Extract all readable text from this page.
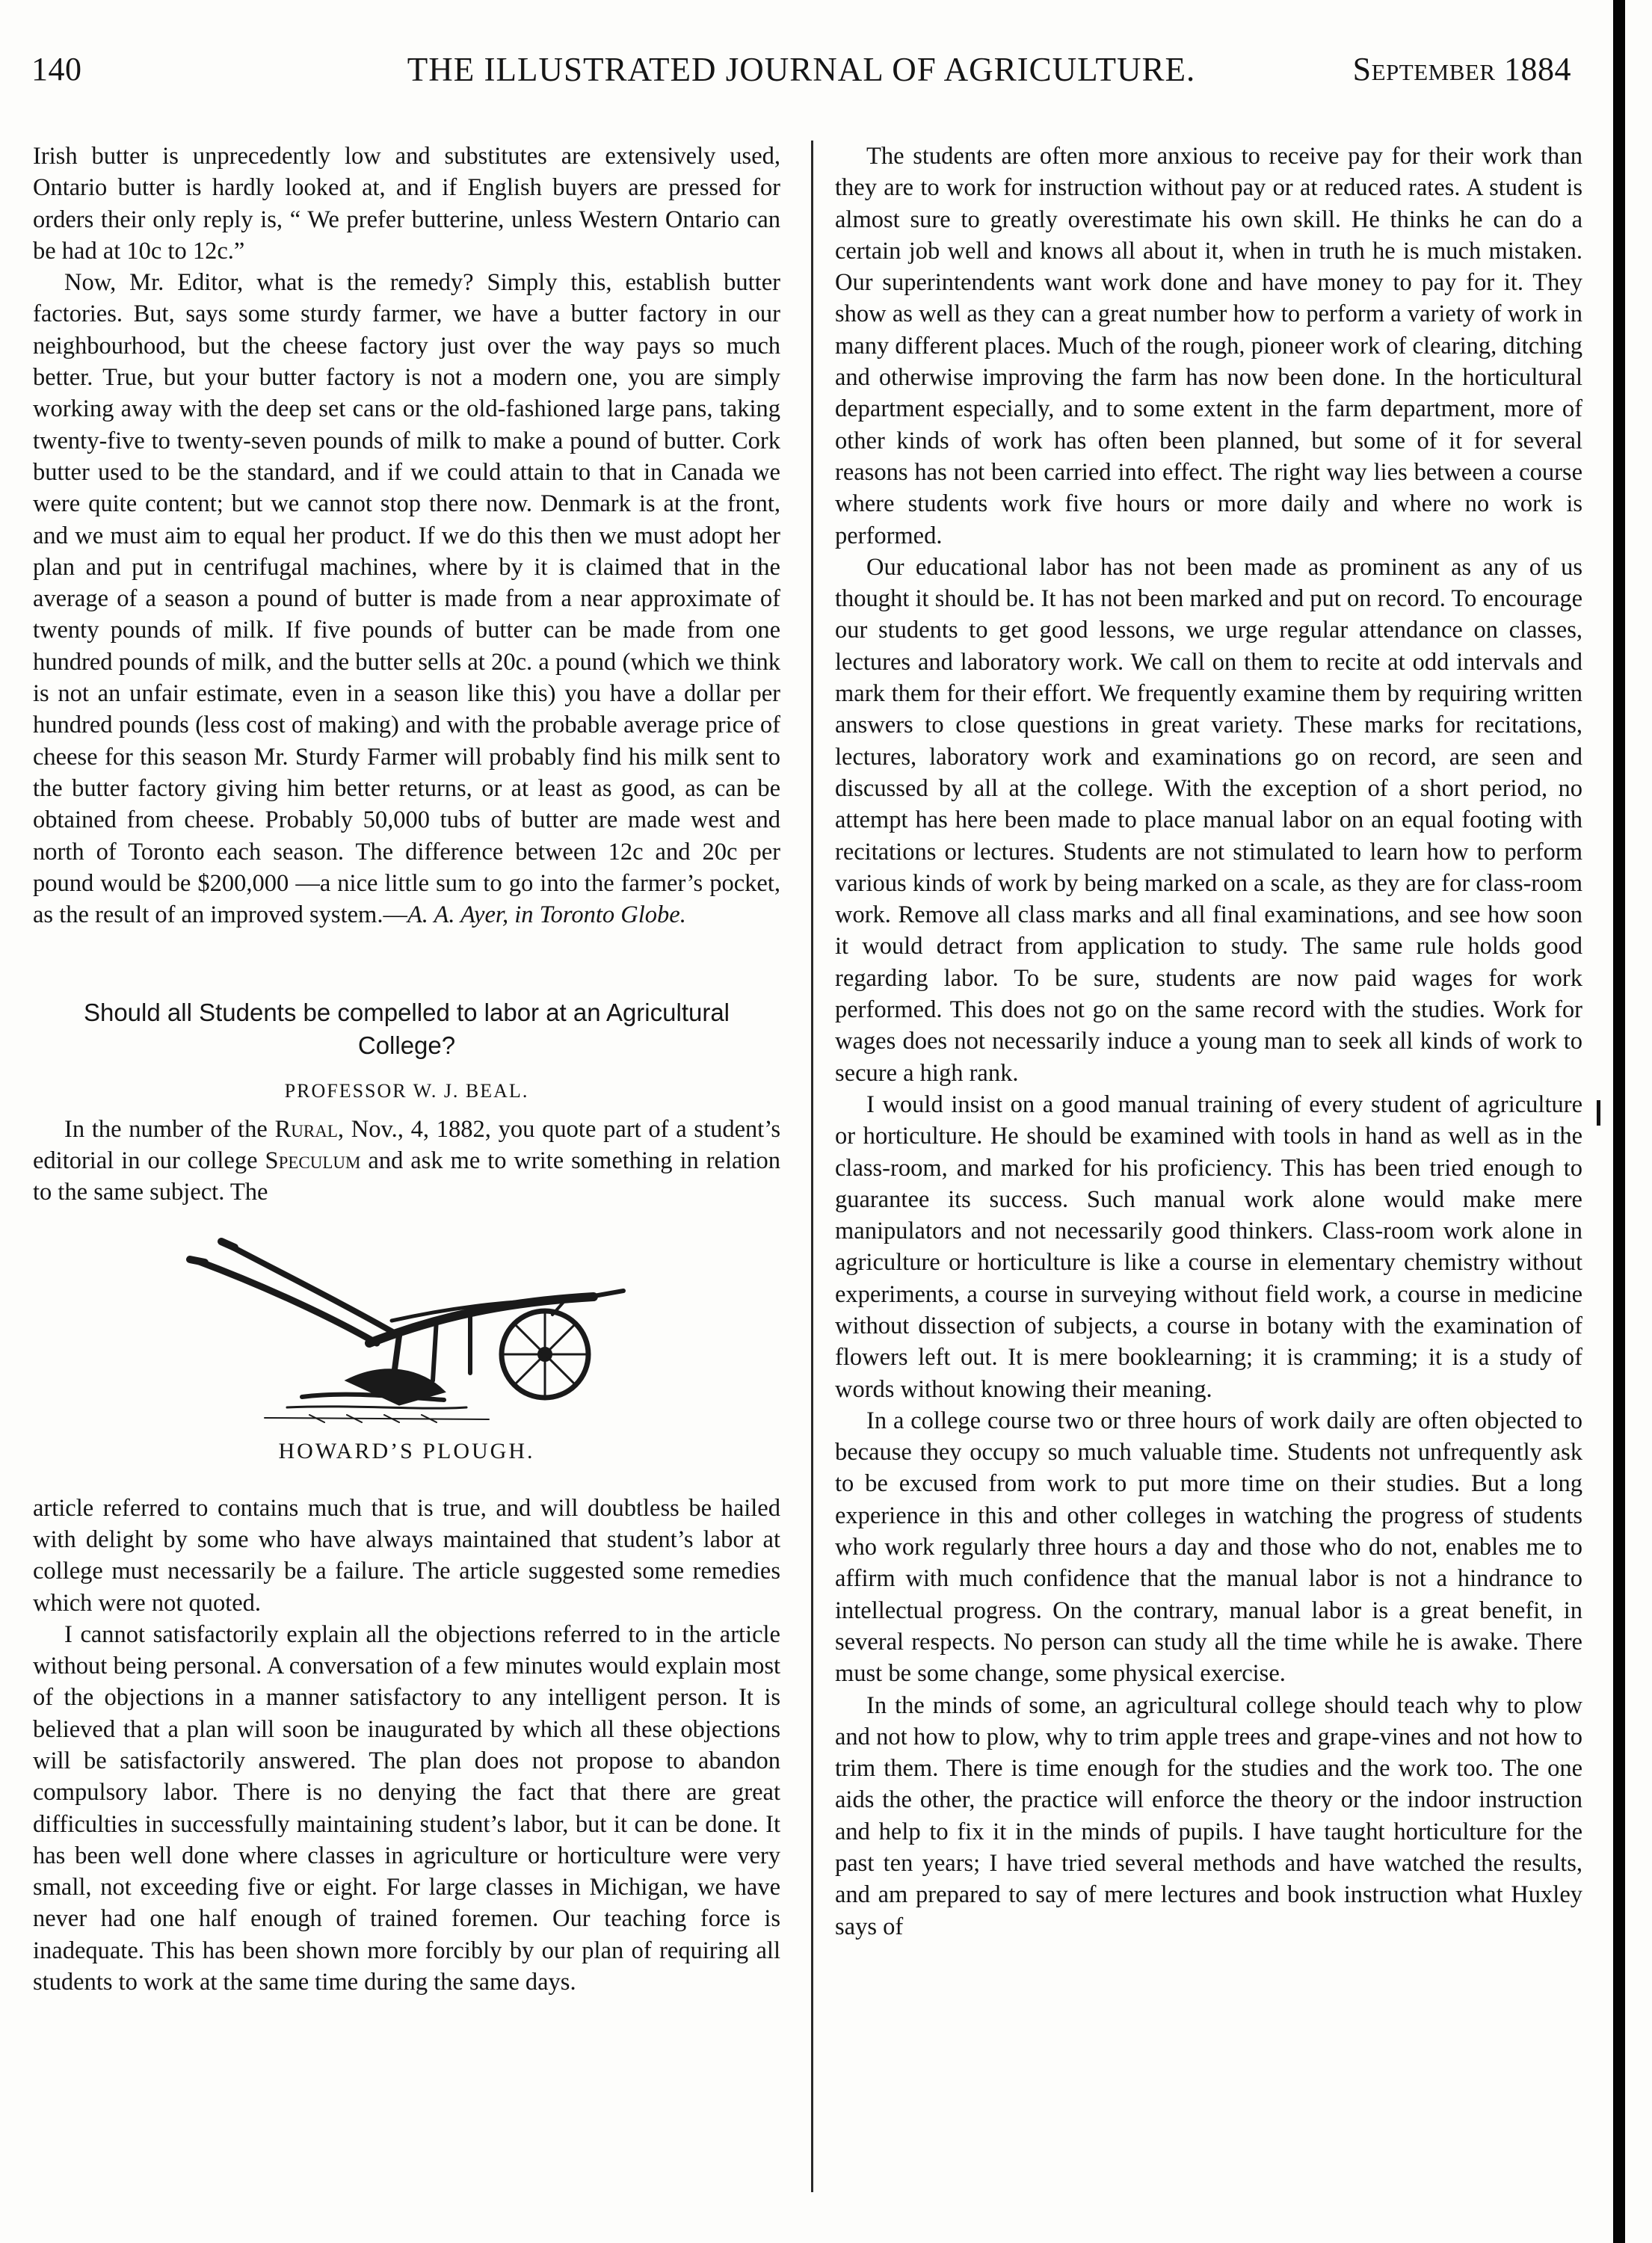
140	THE ILLUSTRATED JOURNAL OF AGRICULTURE.	September 1884

Irish butter is unprecedently low and substitutes are extensively used, Ontario butter is hardly looked at, and if English buyers are pressed for orders their only reply is, “ We prefer butterine, unless Western Ontario can be had at 10c to 12c.”

Now, Mr. Editor, what is the remedy? Simply this, establish butter factories. But, says some sturdy farmer, we have a butter factory in our neighbourhood, but the cheese factory just over the way pays so much better. True, but your butter factory is not a modern one, you are simply working away with the deep set cans or the old-fashioned large pans, taking twenty-five to twenty-seven pounds of milk to make a pound of butter. Cork butter used to be the standard, and if we could attain to that in Canada we were quite content; but we cannot stop there now. Denmark is at the front, and we must aim to equal her product. If we do this then we must adopt her plan and put in centrifugal machines, where by it is claimed that in the average of a season a pound of butter is made from a near approximate of twenty pounds of milk. If five pounds of butter can be made from one hundred pounds of milk, and the butter sells at 20c. a pound (which we think is not an unfair estimate, even in a season like this) you have a dollar per hundred pounds (less cost of making) and with the probable average price of cheese for this season Mr. Sturdy Farmer will probably find his milk sent to the butter factory giving him better returns, or at least as good, as can be obtained from cheese. Probably 50,000 tubs of butter are made west and north of Toronto each season. The difference between 12c and 20c per pound would be $200,000 —a nice little sum to go into the farmer’s pocket, as the result of an improved system.—A. A. Ayer, in Toronto Globe.

Should all Students be compelled to labor at an Agricultural College?
PROFESSOR W. J. BEAL.

In the number of the Rural, Nov., 4, 1882, you quote part of a student’s editorial in our college Speculum and ask me to write something in relation to the same subject. The

HOWARD’S PLOUGH.

article referred to contains much that is true, and will doubtless be hailed with delight by some who have always maintained that student’s labor at college must necessarily be a failure. The article suggested some remedies which were not quoted.

I cannot satisfactorily explain all the objections referred to in the article without being personal. A conversation of a few minutes would explain most of the objections in a manner satisfactory to any intelligent person. It is believed that a plan will soon be inaugurated by which all these objections will be satisfactorily answered. The plan does not propose to abandon compulsory labor. There is no denying the fact that there are great difficulties in successfully maintaining student’s labor, but it can be done. It has been well done where classes in agriculture or horticulture were very small, not exceeding five or eight. For large classes in Michigan, we have never had one half enough of trained foremen. Our teaching force is inadequate. This has been shown more forcibly by our plan of requiring all students to work at the same time during the same days.

The students are often more anxious to receive pay for their work than they are to work for instruction without pay or at reduced rates. A student is almost sure to greatly overestimate his own skill. He thinks he can do a certain job well and knows all about it, when in truth he is much mistaken. Our superintendents want work done and have money to pay for it. They show as well as they can a great number how to perform a variety of work in many different places. Much of the rough, pioneer work of clearing, ditching and otherwise improving the farm has now been done. In the horticultural department especially, and to some extent in the farm department, more of other kinds of work has often been planned, but some of it for several reasons has not been carried into effect. The right way lies between a course where students work five hours or more daily and where no work is performed.

Our educational labor has not been made as prominent as any of us thought it should be. It has not been marked and put on record. To encourage our students to get good lessons, we urge regular attendance on classes, lectures and laboratory work. We call on them to recite at odd intervals and mark them for their effort. We frequently examine them by requiring written answers to close questions in great variety. These marks for recitations, lectures, laboratory work and examinations go on record, are seen and discussed by all at the college. With the exception of a short period, no attempt has here been made to place manual labor on an equal footing with recitations or lectures. Students are not stimulated to learn how to perform various kinds of work by being marked on a scale, as they are for class-room work. Remove all class marks and all final examinations, and see how soon it would detract from application to study. The same rule holds good regarding labor. To be sure, students are now paid wages for work performed. This does not go on the same record with the studies. Work for wages does not necessarily induce a young man to seek all kinds of work to secure a high rank.

I would insist on a good manual training of every student of agriculture or horticulture. He should be examined with tools in hand as well as in the class-room, and marked for his proficiency. This has been tried enough to guarantee its success. Such manual work alone would make mere manipulators and not necessarily good thinkers. Class-room work alone in agriculture or horticulture is like a course in elementary chemistry without experiments, a course in surveying without field work, a course in medicine without dissection of subjects, a course in botany with the examination of flowers left out. It is mere booklearning; it is cramming; it is a study of words without knowing their meaning.

In a college course two or three hours of work daily are often objected to because they occupy so much valuable time. Students not unfrequently ask to be excused from work to put more time on their studies. But a long experience in this and other colleges in watching the progress of students who work regularly three hours a day and those who do not, enables me to affirm with much confidence that the manual labor is not a hindrance to intellectual progress. On the contrary, manual labor is a great benefit, in several respects. No person can study all the time while he is awake. There must be some change, some physical exercise.

In the minds of some, an agricultural college should teach why to plow and not how to plow, why to trim apple trees and grape-vines and not how to trim them. There is time enough for the studies and the work too. The one aids the other, the practice will enforce the theory or the indoor instruction and help to fix it in the minds of pupils. I have taught horticulture for the past ten years; I have tried several methods and have watched the results, and am prepared to say of mere lectures and book instruction what Huxley says of
